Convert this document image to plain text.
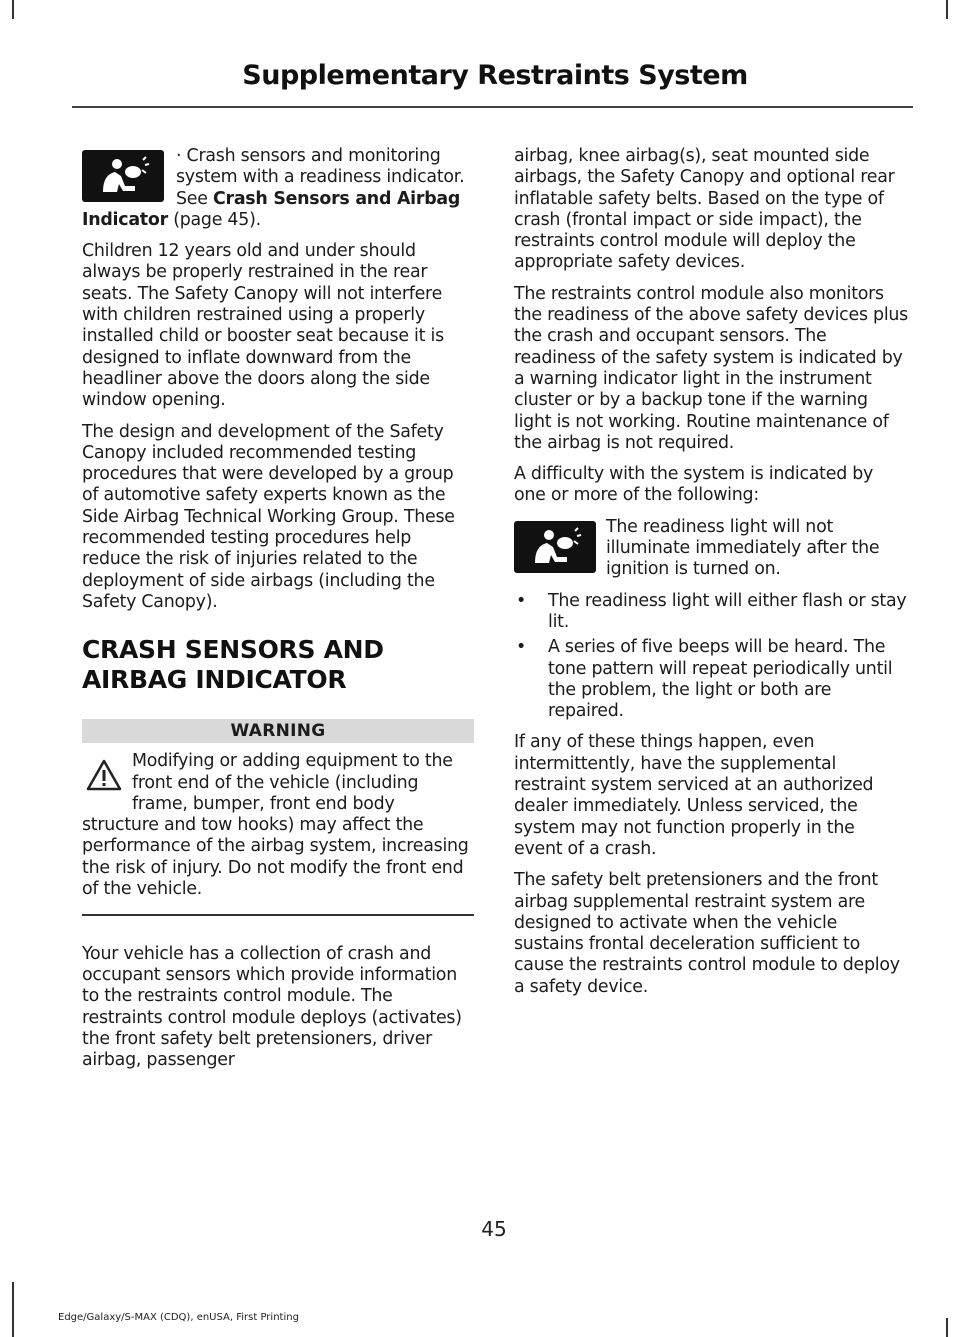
Supplementary Restraints System

· Crash sensors and monitoring system with a readiness indicator. See Crash Sensors and Airbag Indicator (page 45).

Children 12 years old and under should always be properly restrained in the rear seats. The Safety Canopy will not interfere with children restrained using a properly installed child or booster seat because it is designed to inflate downward from the headliner above the doors along the side window opening.

The design and development of the Safety Canopy included recommended testing procedures that were developed by a group of automotive safety experts known as the Side Airbag Technical Working Group. These recommended testing procedures help reduce the risk of injuries related to the deployment of side airbags (including the Safety Canopy).

CRASH SENSORS AND AIRBAG INDICATOR
WARNING

Modifying or adding equipment to the front end of the vehicle (including frame, bumper, front end body structure and tow hooks) may affect the performance of the airbag system, increasing the risk of injury. Do not modify the front end of the vehicle.

Your vehicle has a collection of crash and occupant sensors which provide information to the restraints control module. The restraints control module deploys (activates) the front safety belt pretensioners, driver airbag, passenger

airbag, knee airbag(s), seat mounted side airbags, the Safety Canopy and optional rear inflatable safety belts. Based on the type of crash (frontal impact or side impact), the restraints control module will deploy the appropriate safety devices.

The restraints control module also monitors the readiness of the above safety devices plus the crash and occupant sensors. The readiness of the safety system is indicated by a warning indicator light in the instrument cluster or by a backup tone if the warning light is not working. Routine maintenance of the airbag is not required.

A difficulty with the system is indicated by one or more of the following:

The readiness light will not illuminate immediately after the ignition is turned on.

• The readiness light will either flash or stay lit.
• A series of five beeps will be heard. The tone pattern will repeat periodically until the problem, the light or both are repaired.

If any of these things happen, even intermittently, have the supplemental restraint system serviced at an authorized dealer immediately. Unless serviced, the system may not function properly in the event of a crash.

The safety belt pretensioners and the front airbag supplemental restraint system are designed to activate when the vehicle sustains frontal deceleration sufficient to cause the restraints control module to deploy a safety device.

45
Edge/Galaxy/S-MAX (CDQ), enUSA, First Printing
